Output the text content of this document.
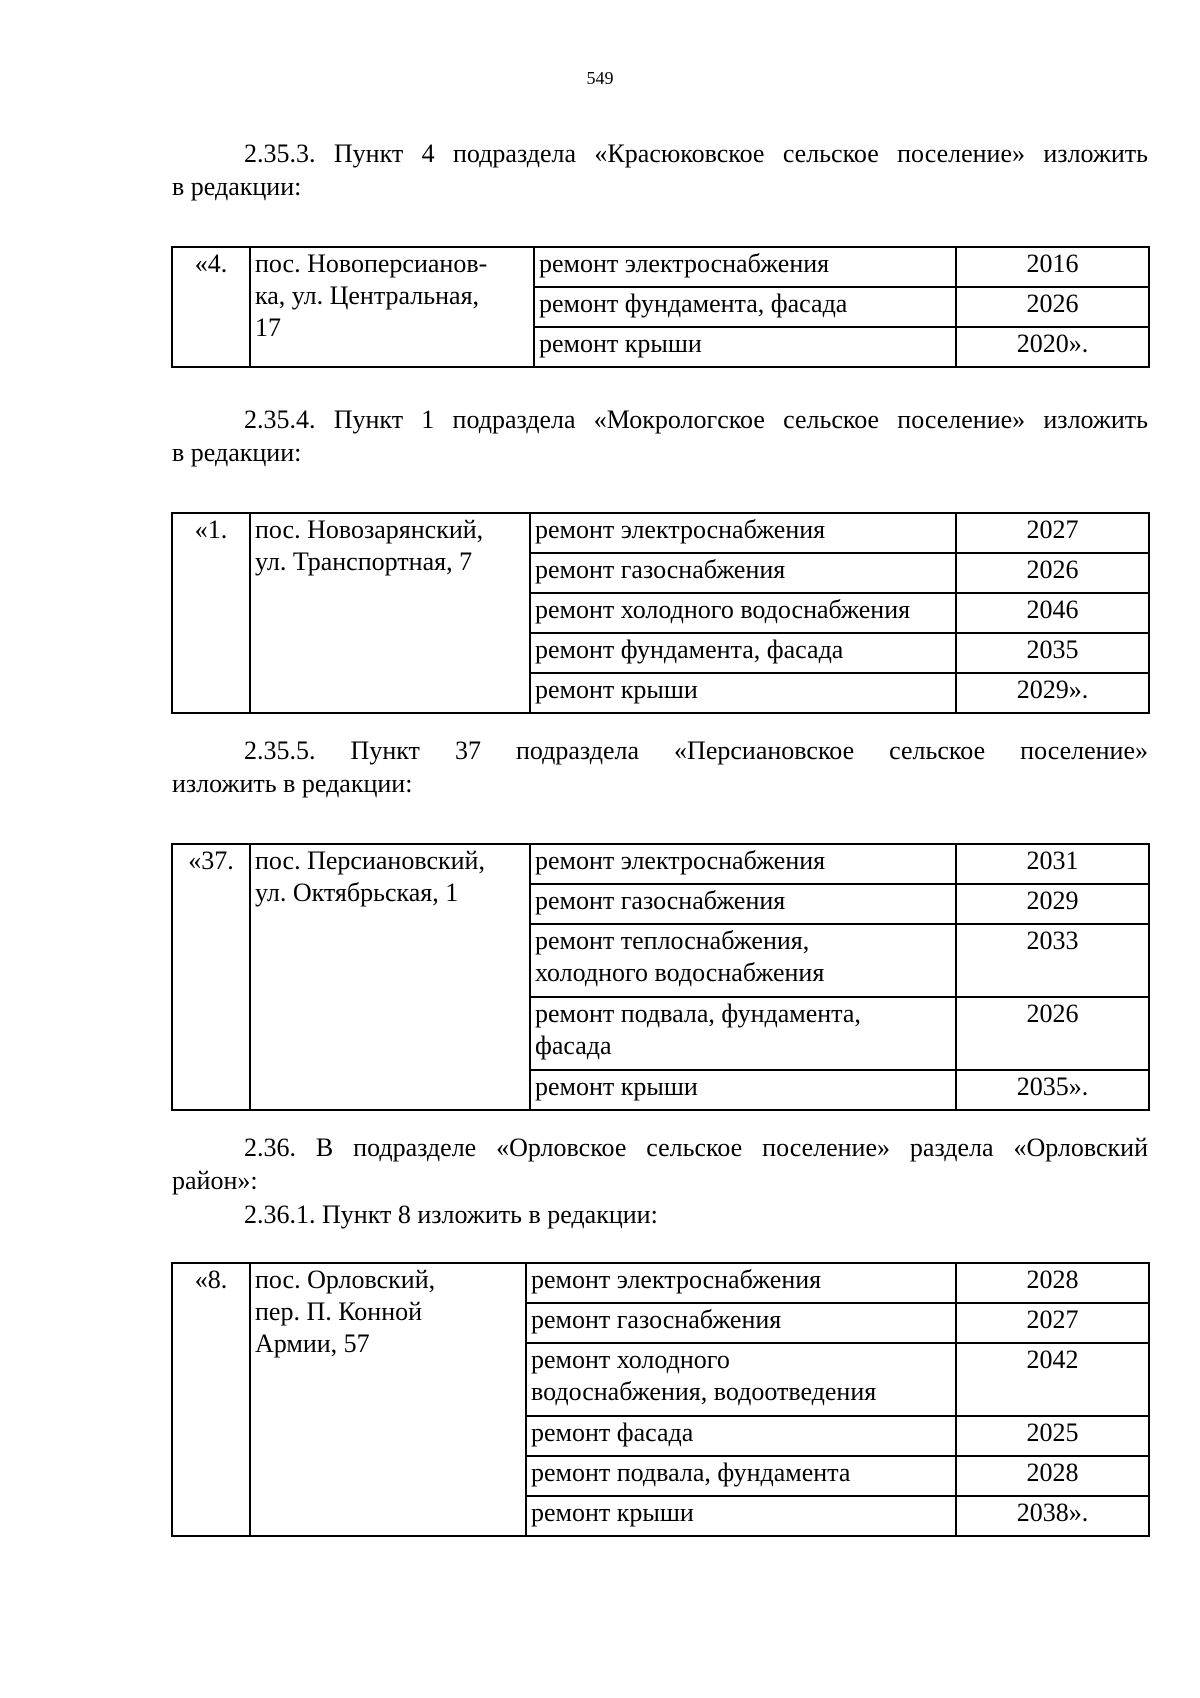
549
2.35.3. Пункт 4 подраздела «Красюковское сельское поселение» изложить
в редакции:
«4.	пос. Новоперсианов-
ка, ул. Центральная,
17	ремонт электроснабжения	2016
		ремонт фундамента, фасада	2026
		ремонт крыши	2020».
2.35.4. Пункт 1 подраздела «Мокрологское сельское поселение» изложить
в редакции:
«1.	пос. Новозарянский,
ул. Транспортная, 7	ремонт электроснабжения	2027
		ремонт газоснабжения	2026
		ремонт холодного водоснабжения	2046
		ремонт фундамента, фасада	2035
		ремонт крыши	2029».
2.35.5. Пункт 37 подраздела «Персиановское сельское поселение»
изложить в редакции:
«37.	пос. Персиановский,
ул. Октябрьская, 1	ремонт электроснабжения	2031
		ремонт газоснабжения	2029

		ремонт теплоснабжения,
холодного водоснабжения	2033

		ремонт подвала, фундамента,
фасада	2026
		ремонт крыши	2035».
2.36. В подразделе «Орловское сельское поселение» раздела «Орловский
район»:
2.36.1. Пункт 8 изложить в редакции:
«8.	пос. Орловский,
пер. П. Конной
Армии, 57	ремонт электроснабжения	2028
		ремонт газоснабжения	2027

		ремонт холодного
водоснабжения, водоотведения	2042
		ремонт фасада	2025
		ремонт подвала, фундамента	2028
		ремонт крыши	2038».
